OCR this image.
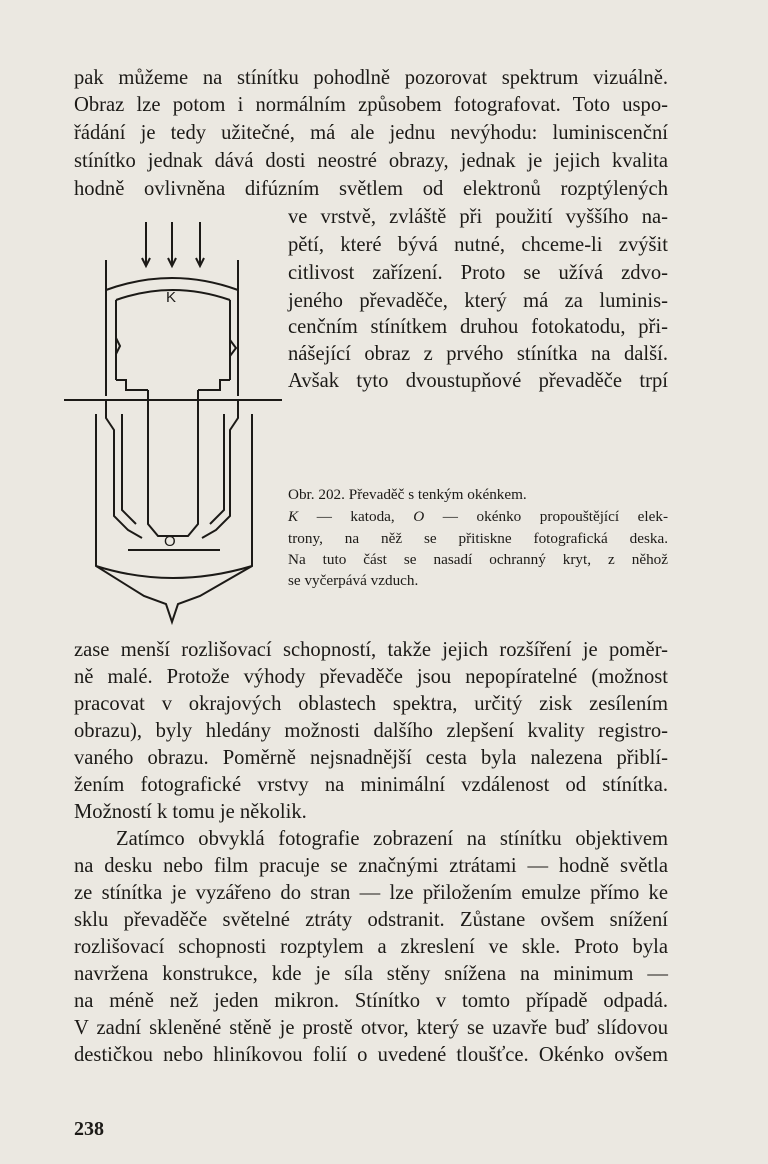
pak můžeme na stínítku pohodlně pozorovat spektrum vizuálně.
Obraz lze potom i normálním způsobem fotografovat. Toto uspo-
řádání je tedy užitečné, má ale jednu nevýhodu: luminiscenční
stínítko jednak dává dosti neostré obrazy, jednak je jejich kvalita
hodně ovlivněna difúzním světlem od elektronů rozptýlených
ve vrstvě, zvláště při použití vyššího na-
pětí, které bývá nutné, chceme-li zvýšit
citlivost zařízení. Proto se užívá zdvo-
jeného převaděče, který má za luminis-
cenčním stínítkem druhou fotokatodu, při-
nášející obraz z prvého stínítka na další.
Avšak tyto dvoustupňové převaděče trpí
K
O
Obr. 202. Převaděč s tenkým okénkem.
K — katoda, O — okénko propouštějící elek-
trony, na něž se přitiskne fotografická deska.
Na tuto část se nasadí ochranný kryt, z něhož
se vyčerpává vzduch.
zase menší rozlišovací schopností, takže jejich rozšíření je poměr-
ně malé. Protože výhody převaděče jsou nepopíratelné (možnost
pracovat v okrajových oblastech spektra, určitý zisk zesílením
obrazu), byly hledány možnosti dalšího zlepšení kvality registro-
vaného obrazu. Poměrně nejsnadnější cesta byla nalezena přiblí-
žením fotografické vrstvy na minimální vzdálenost od stínítka.
Možností k tomu je několik.
Zatímco obvyklá fotografie zobrazení na stínítku objektivem
na desku nebo film pracuje se značnými ztrátami — hodně světla
ze stínítka je vyzářeno do stran — lze přiložením emulze přímo ke
sklu převaděče světelné ztráty odstranit. Zůstane ovšem snížení
rozlišovací schopnosti rozptylem a zkreslení ve skle. Proto byla
navržena konstrukce, kde je síla stěny snížena na minimum —
na méně než jeden mikron. Stínítko v tomto případě odpadá.
V zadní skleněné stěně je prostě otvor, který se uzavře buď slídovou
destičkou nebo hliníkovou folií o uvedené tloušťce. Okénko ovšem
238
